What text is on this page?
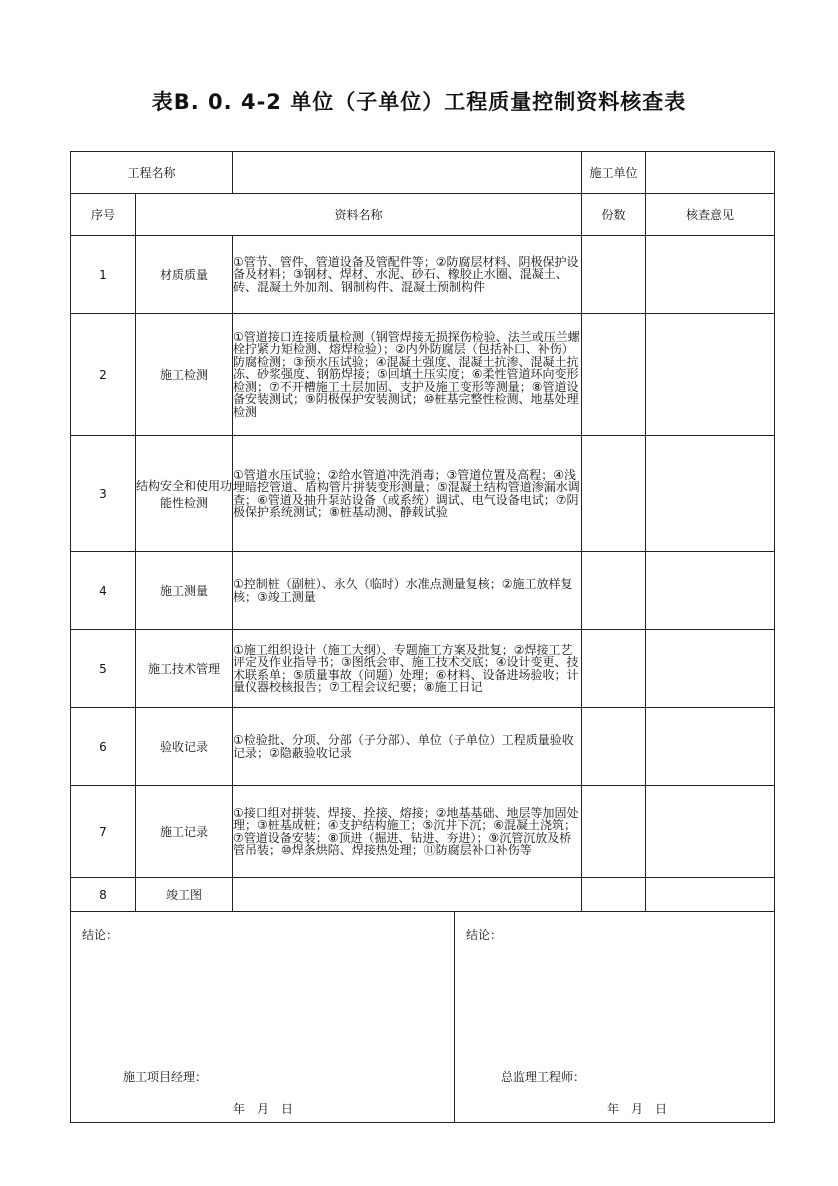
表B. 0. 4-2 单位（子单位）工程质量控制资料核查表
工程名称				施工单位	
序号	资料名称			份数	核查意见
1	材质质量	①管节、管件、管道设备及管配件等；②防腐层材料、阴极保护设备及材料；③钢材、焊材、水泥、砂石、橡胶止水圈、混凝土、砖、混凝土外加剂、钢制构件、混凝土预制构件			
2	施工检测	①管道接口连接质量检测（钢管焊接无损探伤检验、法兰或压兰螺栓拧紧力矩检测、熔焊检验）；②内外防腐层（包括补口、补伤）防腐检测；③预水压试验；④混凝土强度、混凝土抗渗、混凝土抗冻、砂浆强度、钢筋焊接；⑤回填土压实度；⑥柔性管道环向变形检测；⑦不开槽施工土层加固、支护及施工变形等测量；⑧管道设备安装测试；⑨阴极保护安装测试；⑩桩基完整性检测、地基处理检测			
3	结构安全和使用功能性检测	①管道水压试验；②给水管道冲洗消毒；③管道位置及高程；④浅埋暗挖管道、盾构管片拼装变形测量；⑤混凝土结构管道渗漏水调查；⑥管道及抽升泵站设备（或系统）调试、电气设备电试；⑦阴极保护系统测试；⑧桩基动测、静载试验			
4	施工测量	①控制桩（副桩）、永久（临时）水准点测量复核；②施工放样复核；③竣工测量			
5	施工技术管理	①施工组织设计（施工大纲）、专题施工方案及批复；②焊接工艺评定及作业指导书；③图纸会审、施工技术交底；④设计变更、技术联系单；⑤质量事故（问题）处理；⑥材料、设备进场验收；计量仪器校核报告；⑦工程会议纪要；⑧施工日记			
6	验收记录	①检验批、分项、分部（子分部）、单位（子单位）工程质量验收记录；②隐蔽验收记录			
7	施工记录	①接口组对拼装、焊接、拴接、熔接；②地基基础、地层等加固处理；③桩基成桩；④支护结构施工；⑤沉井下沉；⑥混凝土浇筑；⑦管道设备安装；⑧顶进（掘进、钻进、夯进）；⑨沉管沉放及桥管吊装；⑩焊条烘陪、焊接热处理；⑪防腐层补口补伤等			
8	竣工图				

结论：
施工项目经理：
年　月　日			结论：
总监理工程师：
年　月　日		
